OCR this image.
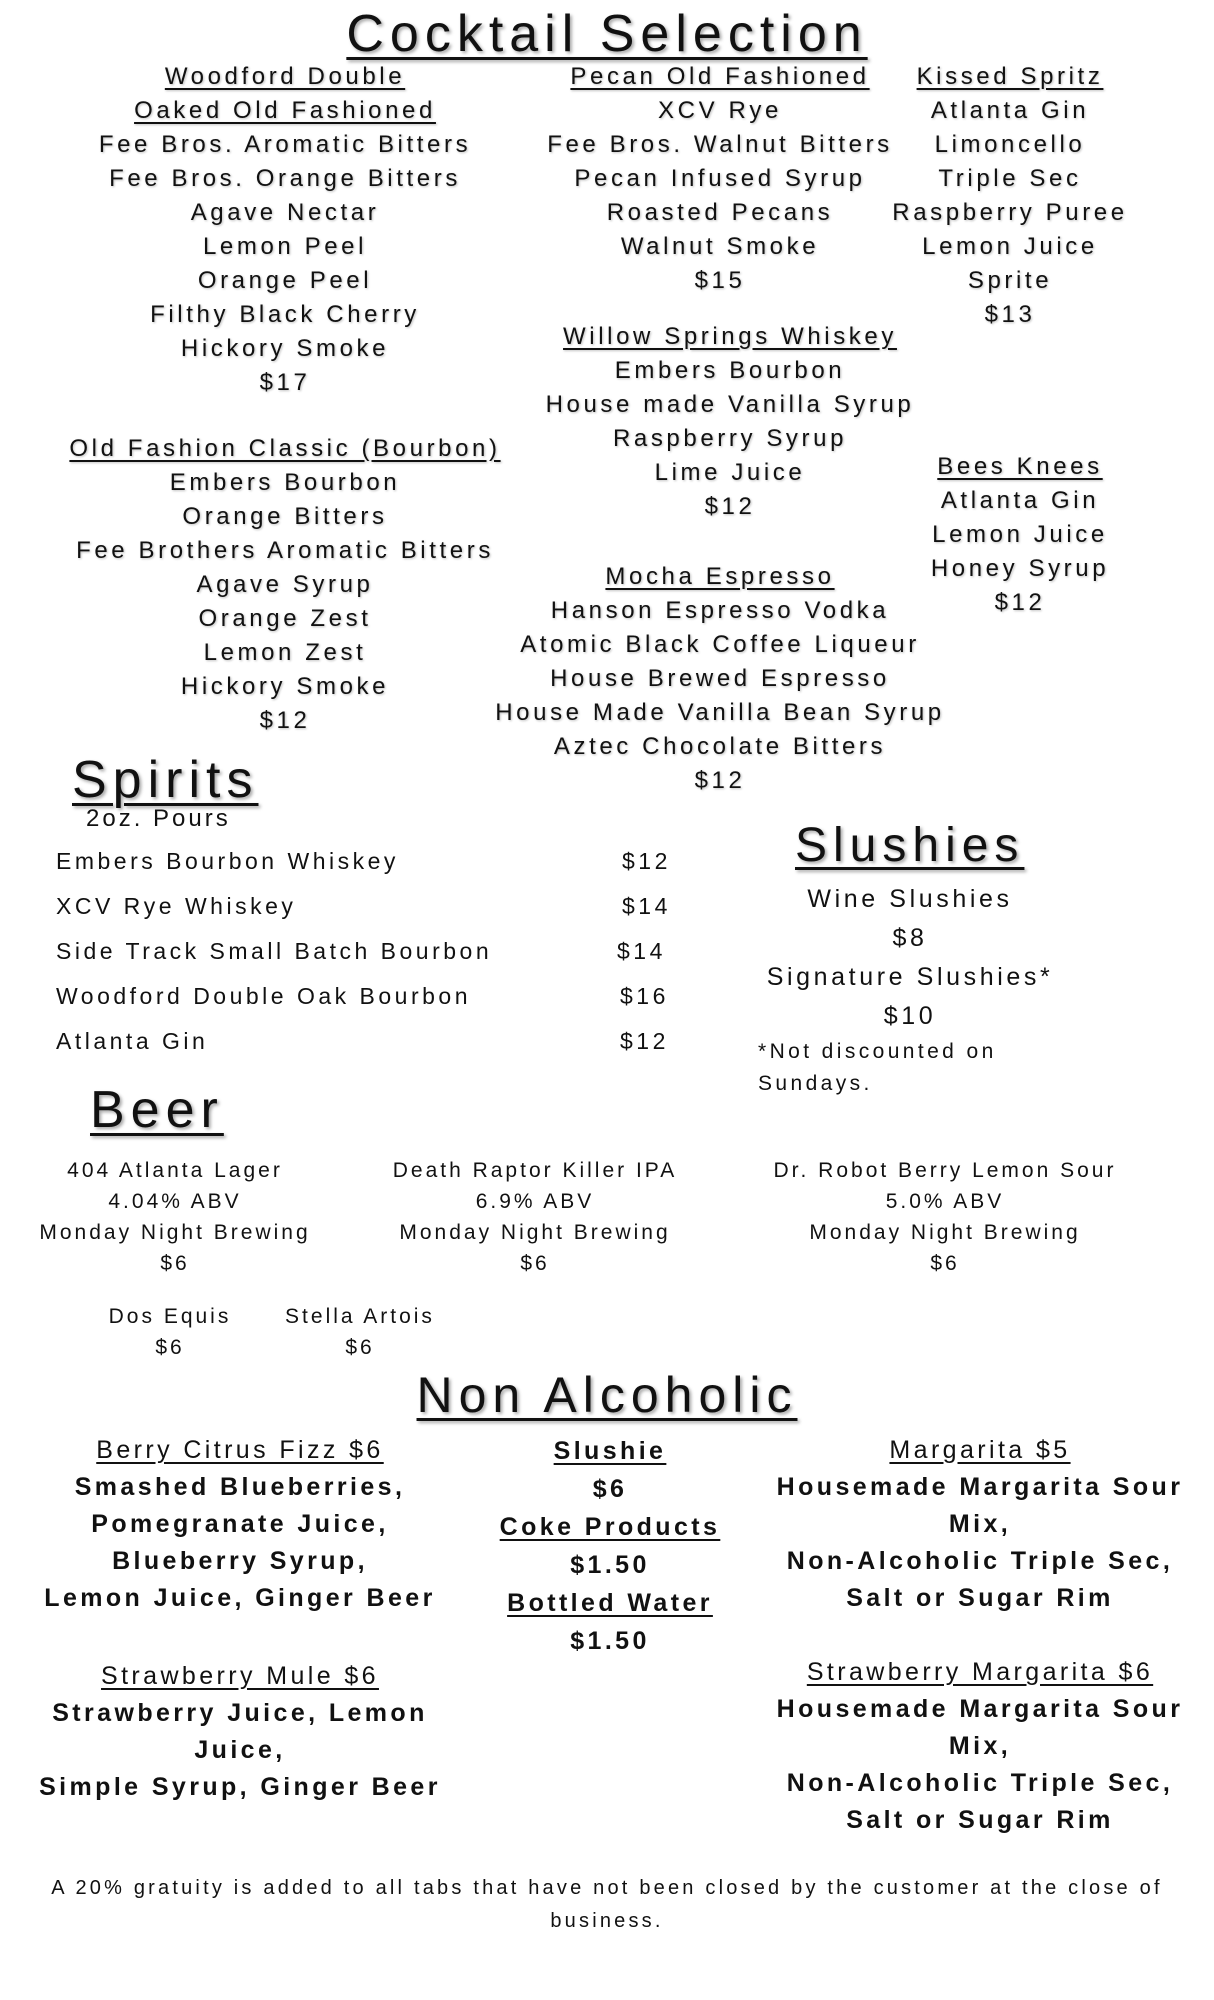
Cocktail Selection
Woodford Double Oaked Old Fashioned
Fee Bros. Aromatic Bitters
Fee Bros. Orange Bitters
Agave Nectar
Lemon Peel
Orange Peel
Filthy Black Cherry
Hickory Smoke
$17
Old Fashion Classic (Bourbon)
Embers Bourbon
Orange Bitters
Fee Brothers Aromatic Bitters
Agave Syrup
Orange Zest
Lemon Zest
Hickory Smoke
$12
Pecan Old Fashioned
XCV Rye
Fee Bros. Walnut Bitters
Pecan Infused Syrup
Roasted Pecans
Walnut Smoke
$15
Willow Springs Whiskey
Embers Bourbon
House made Vanilla Syrup
Raspberry Syrup
Lime Juice
$12
Mocha Espresso
Hanson Espresso Vodka
Atomic Black Coffee Liqueur
House Brewed Espresso
House Made Vanilla Bean Syrup
Aztec Chocolate Bitters
$12
Kissed Spritz
Atlanta Gin
Limoncello
Triple Sec
Raspberry Puree
Lemon Juice
Sprite
$13
Bees Knees
Atlanta Gin
Lemon Juice
Honey Syrup
$12
Spirits
2oz. Pours
Embers Bourbon Whiskey	$12
XCV Rye Whiskey	$14
Side Track Small Batch Bourbon	$14
Woodford Double Oak Bourbon	$16
Atlanta Gin	$12
Slushies
Wine Slushies
$8
Signature Slushies*
$10
*Not discounted on Sundays.
Beer
404 Atlanta Lager
4.04% ABV
Monday Night Brewing
$6
Death Raptor Killer IPA
6.9% ABV
Monday Night Brewing
$6
Dr. Robot Berry Lemon Sour
5.0% ABV
Monday Night Brewing
$6
Dos Equis
$6
Stella Artois
$6
Non Alcoholic
Berry Citrus Fizz $6
Smashed Blueberries,
Pomegranate Juice,
Blueberry Syrup,
Lemon Juice, Ginger Beer
Strawberry Mule $6
Strawberry Juice, Lemon
Juice,
Simple Syrup, Ginger Beer
Slushie
$6
Coke Products
$1.50
Bottled Water
$1.50
Margarita $5
Housemade Margarita Sour
Mix,
Non-Alcoholic Triple Sec,
Salt or Sugar Rim
Strawberry Margarita $6
Housemade Margarita Sour
Mix,
Non-Alcoholic Triple Sec,
Salt or Sugar Rim
A 20% gratuity is added to all tabs that have not been closed by the customer at the close of business.
